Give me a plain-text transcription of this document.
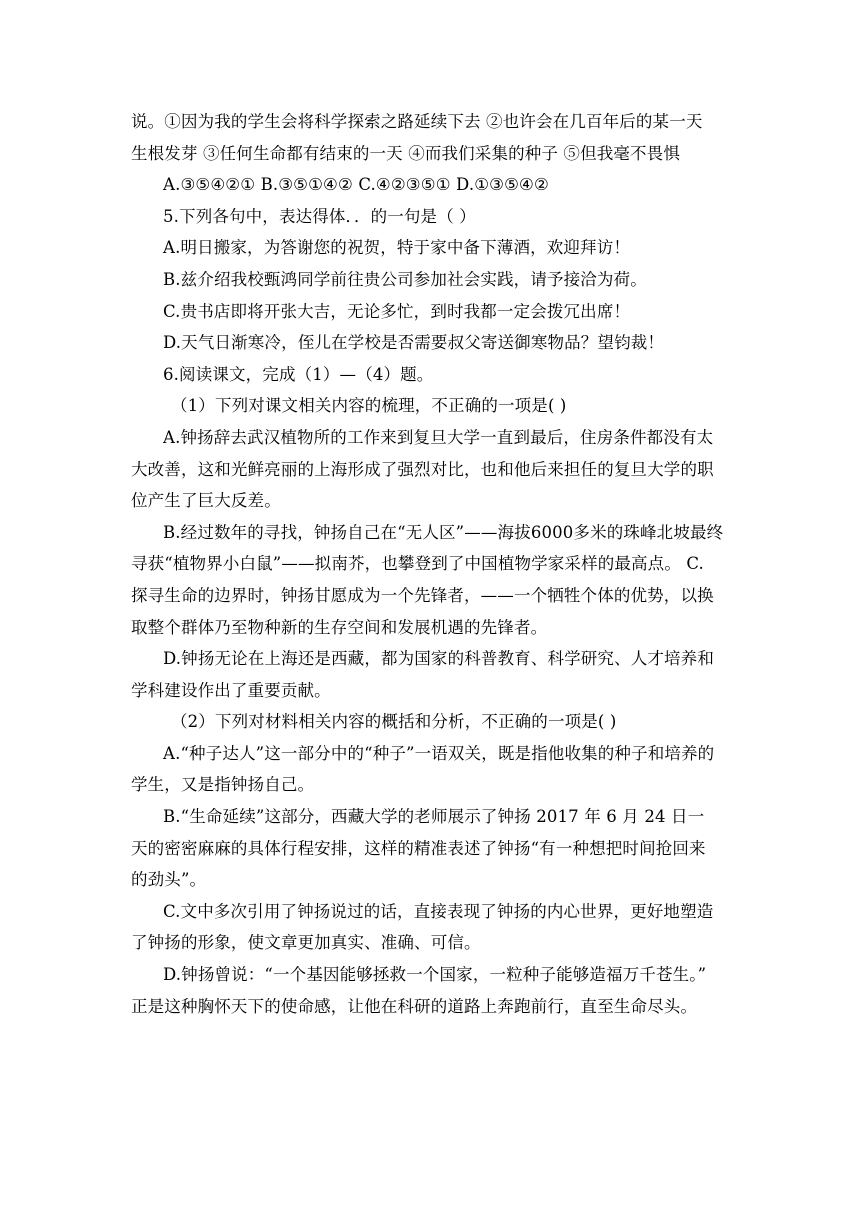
说。①因为我的学生会将科学探索之路延续下去 ②也许会在几百年后的某一天
生根发芽 ③任何生命都有结束的一天 ④而我们采集的种子 ⑤但我毫不畏惧

A.③⑤④②① B.③⑤①④② C.④②③⑤① D.①③⑤④②

5.下列各句中，表达得体．．的一句是（ ）

A.明日搬家，为答谢您的祝贺，特于家中备下薄酒，欢迎拜访！

B.兹介绍我校甄鸿同学前往贵公司参加社会实践，请予接洽为荷。

C.贵书店即将开张大吉，无论多忙，到时我都一定会拨冗出席！

D.天气日渐寒冷，侄儿在学校是否需要叔父寄送御寒物品？望钧裁！

6.阅读课文，完成（1）—（4）题。

（1）下列对课文相关内容的梳理，不正确的一项是( )

A.钟扬辞去武汉植物所的工作来到复旦大学一直到最后，住房条件都没有太
大改善，这和光鲜亮丽的上海形成了强烈对比，也和他后来担任的复旦大学的职
位产生了巨大反差。

B.经过数年的寻找，钟扬自己在“无人区”——海拔6000多米的珠峰北坡最终
寻获“植物界小白鼠”——拟南芥，也攀登到了中国植物学家采样的最高点。 C.
探寻生命的边界时，钟扬甘愿成为一个先锋者，——一个牺牲个体的优势，以换
取整个群体乃至物种新的生存空间和发展机遇的先锋者。

D.钟扬无论在上海还是西藏，都为国家的科普教育、科学研究、人才培养和
学科建设作出了重要贡献。

（2）下列对材料相关内容的概括和分析，不正确的一项是( )

A.“种子达人”这一部分中的“种子”一语双关，既是指他收集的种子和培养的
学生，又是指钟扬自己。

B.“生命延续”这部分，西藏大学的老师展示了钟扬 2017 年 6 月 24 日一
天的密密麻麻的具体行程安排，这样的精准表述了钟扬“有一种想把时间抢回来
的劲头”。

C.文中多次引用了钟扬说过的话，直接表现了钟扬的内心世界，更好地塑造
了钟扬的形象，使文章更加真实、准确、可信。

D.钟扬曾说：“一个基因能够拯救一个国家，一粒种子能够造福万千苍生。”
正是这种胸怀天下的使命感，让他在科研的道路上奔跑前行，直至生命尽头。
